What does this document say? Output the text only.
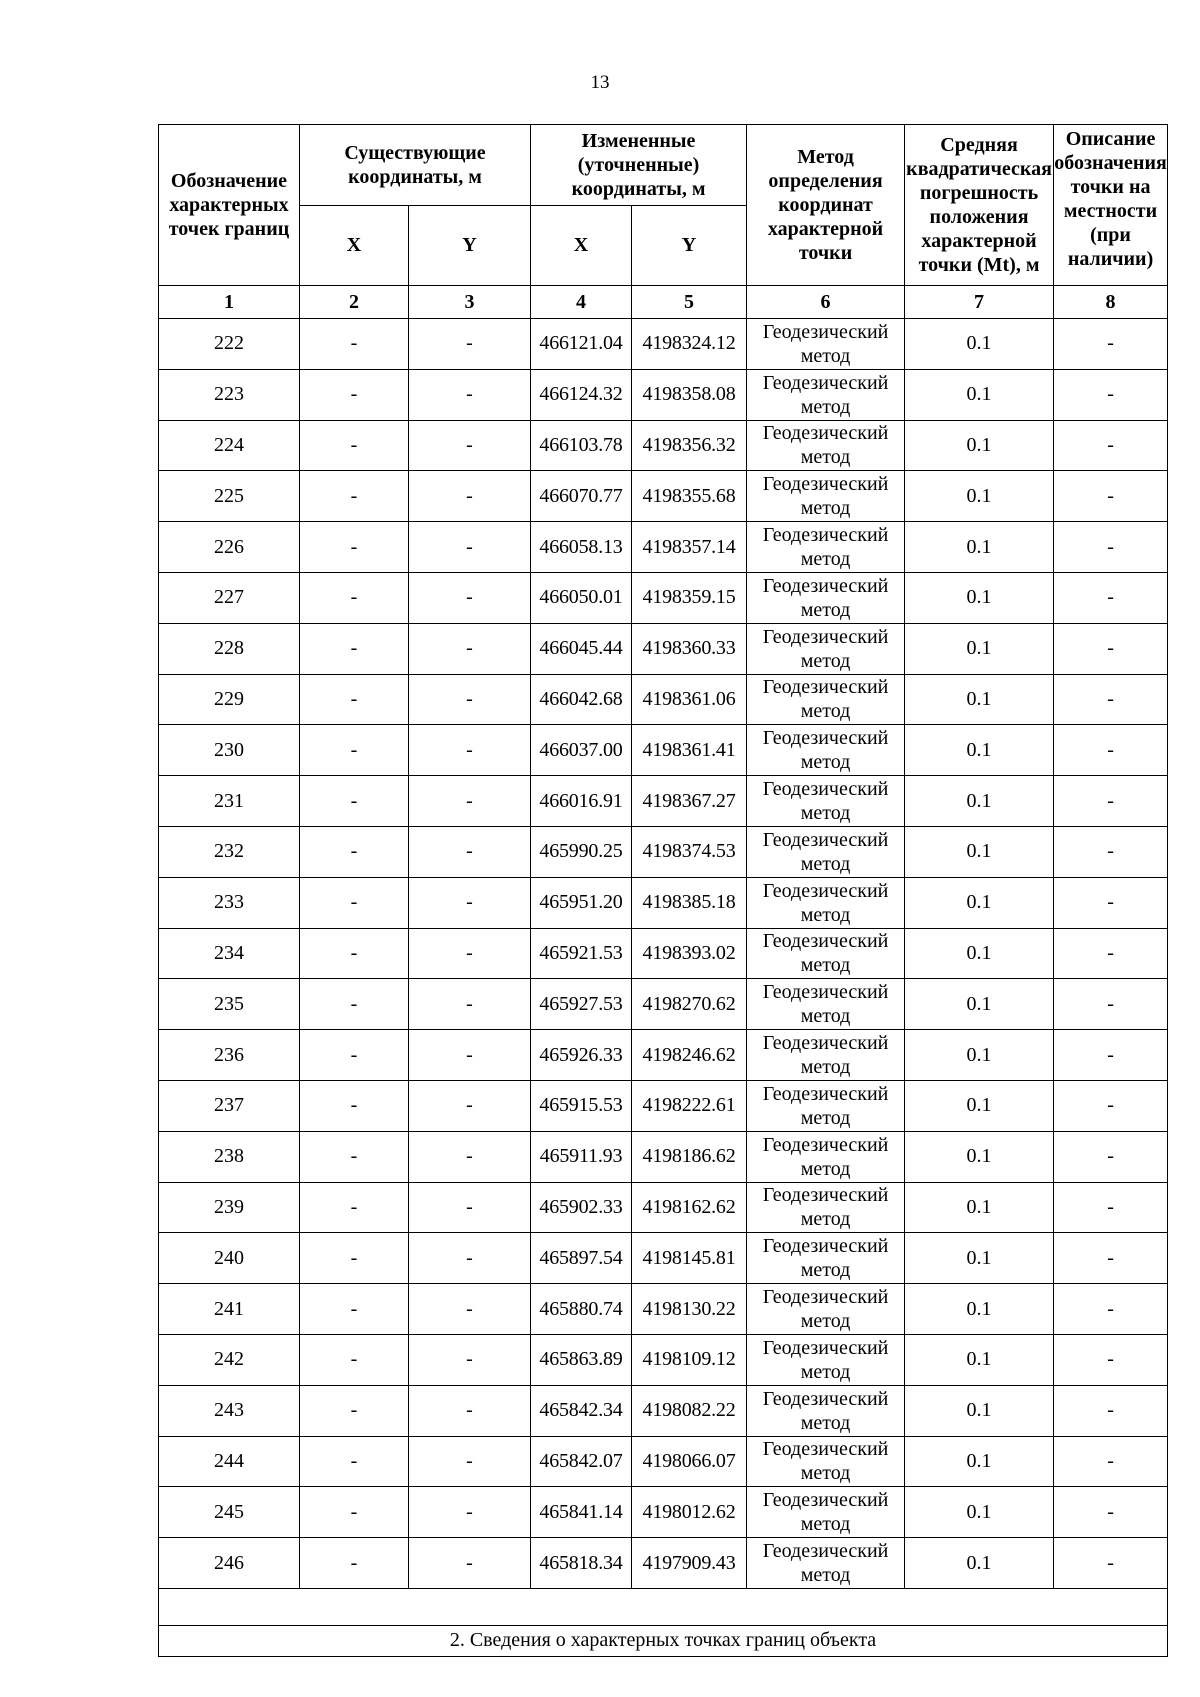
13
Обозначение характерных точек границ	Существующие координаты, м		Измененные (уточненные) координаты, м		Метод определения координат характерной точки	Средняя квадратическая погрешность положения характерной точки (Mt), м	Описание обозначения точки на местности (при наличии)

	X	Y	X	Y			
1	2	3	4	5	6	7	8
222	-	-	466121.04	4198324.12	Геодезический метод	0.1	-
223	-	-	466124.32	4198358.08	Геодезический метод	0.1	-
224	-	-	466103.78	4198356.32	Геодезический метод	0.1	-
225	-	-	466070.77	4198355.68	Геодезический метод	0.1	-
226	-	-	466058.13	4198357.14	Геодезический метод	0.1	-
227	-	-	466050.01	4198359.15	Геодезический метод	0.1	-
228	-	-	466045.44	4198360.33	Геодезический метод	0.1	-
229	-	-	466042.68	4198361.06	Геодезический метод	0.1	-
230	-	-	466037.00	4198361.41	Геодезический метод	0.1	-
231	-	-	466016.91	4198367.27	Геодезический метод	0.1	-
232	-	-	465990.25	4198374.53	Геодезический метод	0.1	-
233	-	-	465951.20	4198385.18	Геодезический метод	0.1	-
234	-	-	465921.53	4198393.02	Геодезический метод	0.1	-
235	-	-	465927.53	4198270.62	Геодезический метод	0.1	-
236	-	-	465926.33	4198246.62	Геодезический метод	0.1	-
237	-	-	465915.53	4198222.61	Геодезический метод	0.1	-
238	-	-	465911.93	4198186.62	Геодезический метод	0.1	-
239	-	-	465902.33	4198162.62	Геодезический метод	0.1	-
240	-	-	465897.54	4198145.81	Геодезический метод	0.1	-
241	-	-	465880.74	4198130.22	Геодезический метод	0.1	-
242	-	-	465863.89	4198109.12	Геодезический метод	0.1	-
243	-	-	465842.34	4198082.22	Геодезический метод	0.1	-
244	-	-	465842.07	4198066.07	Геодезический метод	0.1	-
245	-	-	465841.14	4198012.62	Геодезический метод	0.1	-
246	-	-	465818.34	4197909.43	Геодезический метод	0.1	-

2. Сведения о характерных точках границ объекта							
